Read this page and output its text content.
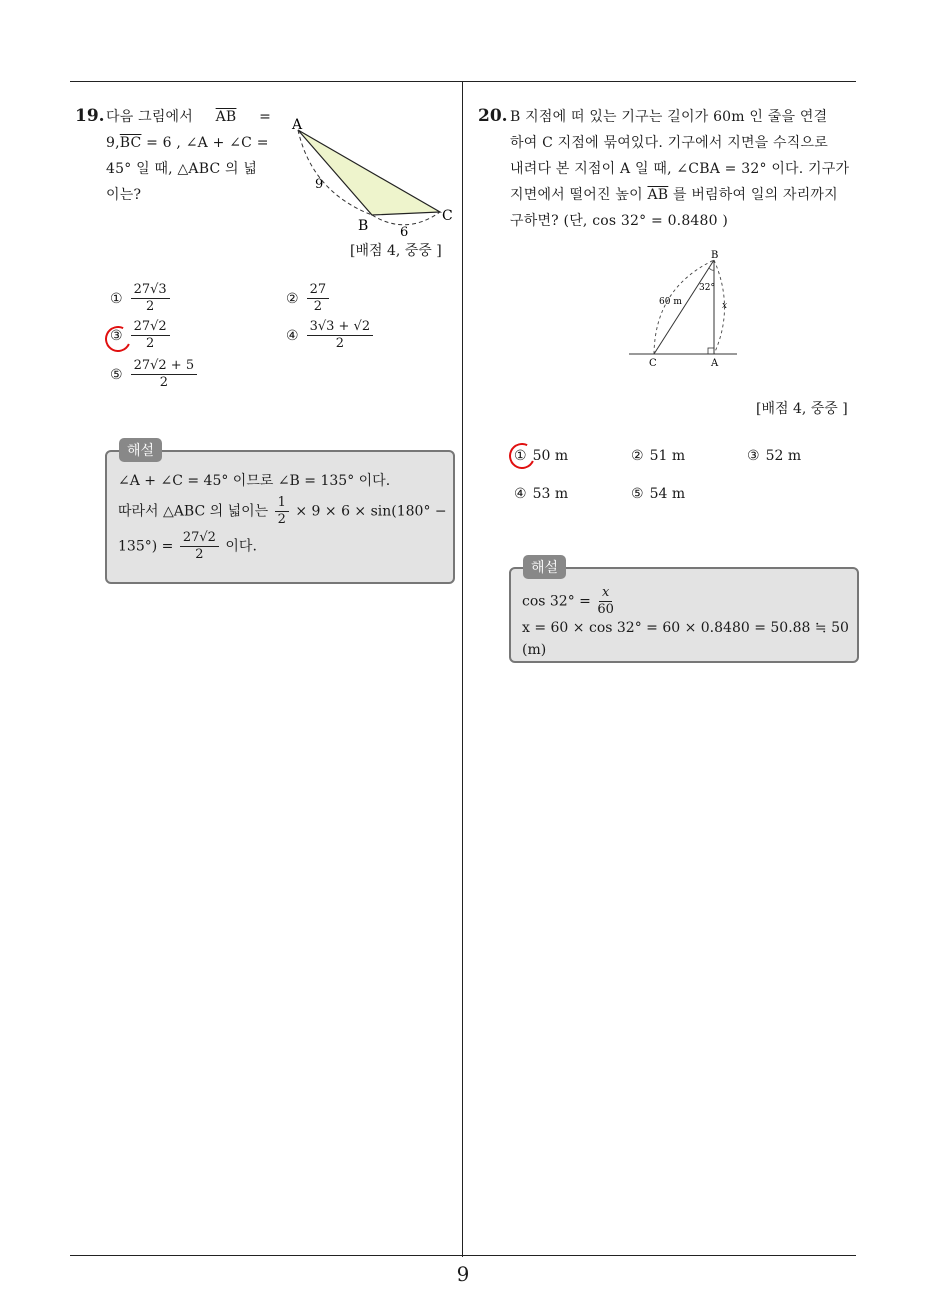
9
19. 다음 그림에서 $\overline{AB}$ =
$9,\overline{BC} = 6$ , ∠A + ∠C =
45° 일 때, △ABC 의 넓
이는?
A
B
C
9
6
[배점 4, 중중 ]
① $\frac{27√3}{2}$	② $\frac{27}{2}$
③ $\frac{27√2}{2}$	④ $\frac{3√3 + √2}{2}$
⑤ $\frac{27√2 + 5}{2}$
해설
∠A + ∠C = 45° 이므로 ∠B = 135° 이다.
따라서 △ABC 의 넓이는 $\frac{1}{2} \times 9 \times 6 \times \sin(180^\circ$ −
$135^\circ) = \frac{27√2}{2}$ 이다.
20. B 지점에 떠 있는 기구는 길이가 60m 인 줄을 연결
하여 C 지점에 묶여있다. 기구에서 지면을 수직으로
내려다 본 지점이 A 일 때, ∠CBA = 32° 이다. 기구가
지면에서 떨어진 높이 $\overline{AB}$ 를 버림하여 일의 자리까지
구하면? (단, cos 32° = 0.8480 )
B
C	A
60 m
32°
x
[배점 4, 중중 ]
① 50 m	② 51 m	③ 52 m
④ 53 m	⑤ 54 m
해설
$\cos 32^\circ = \frac{x}{60}$
x = 60 × cos 32° = 60 × 0.8480 = 50.88 ≒ 50 (m)
